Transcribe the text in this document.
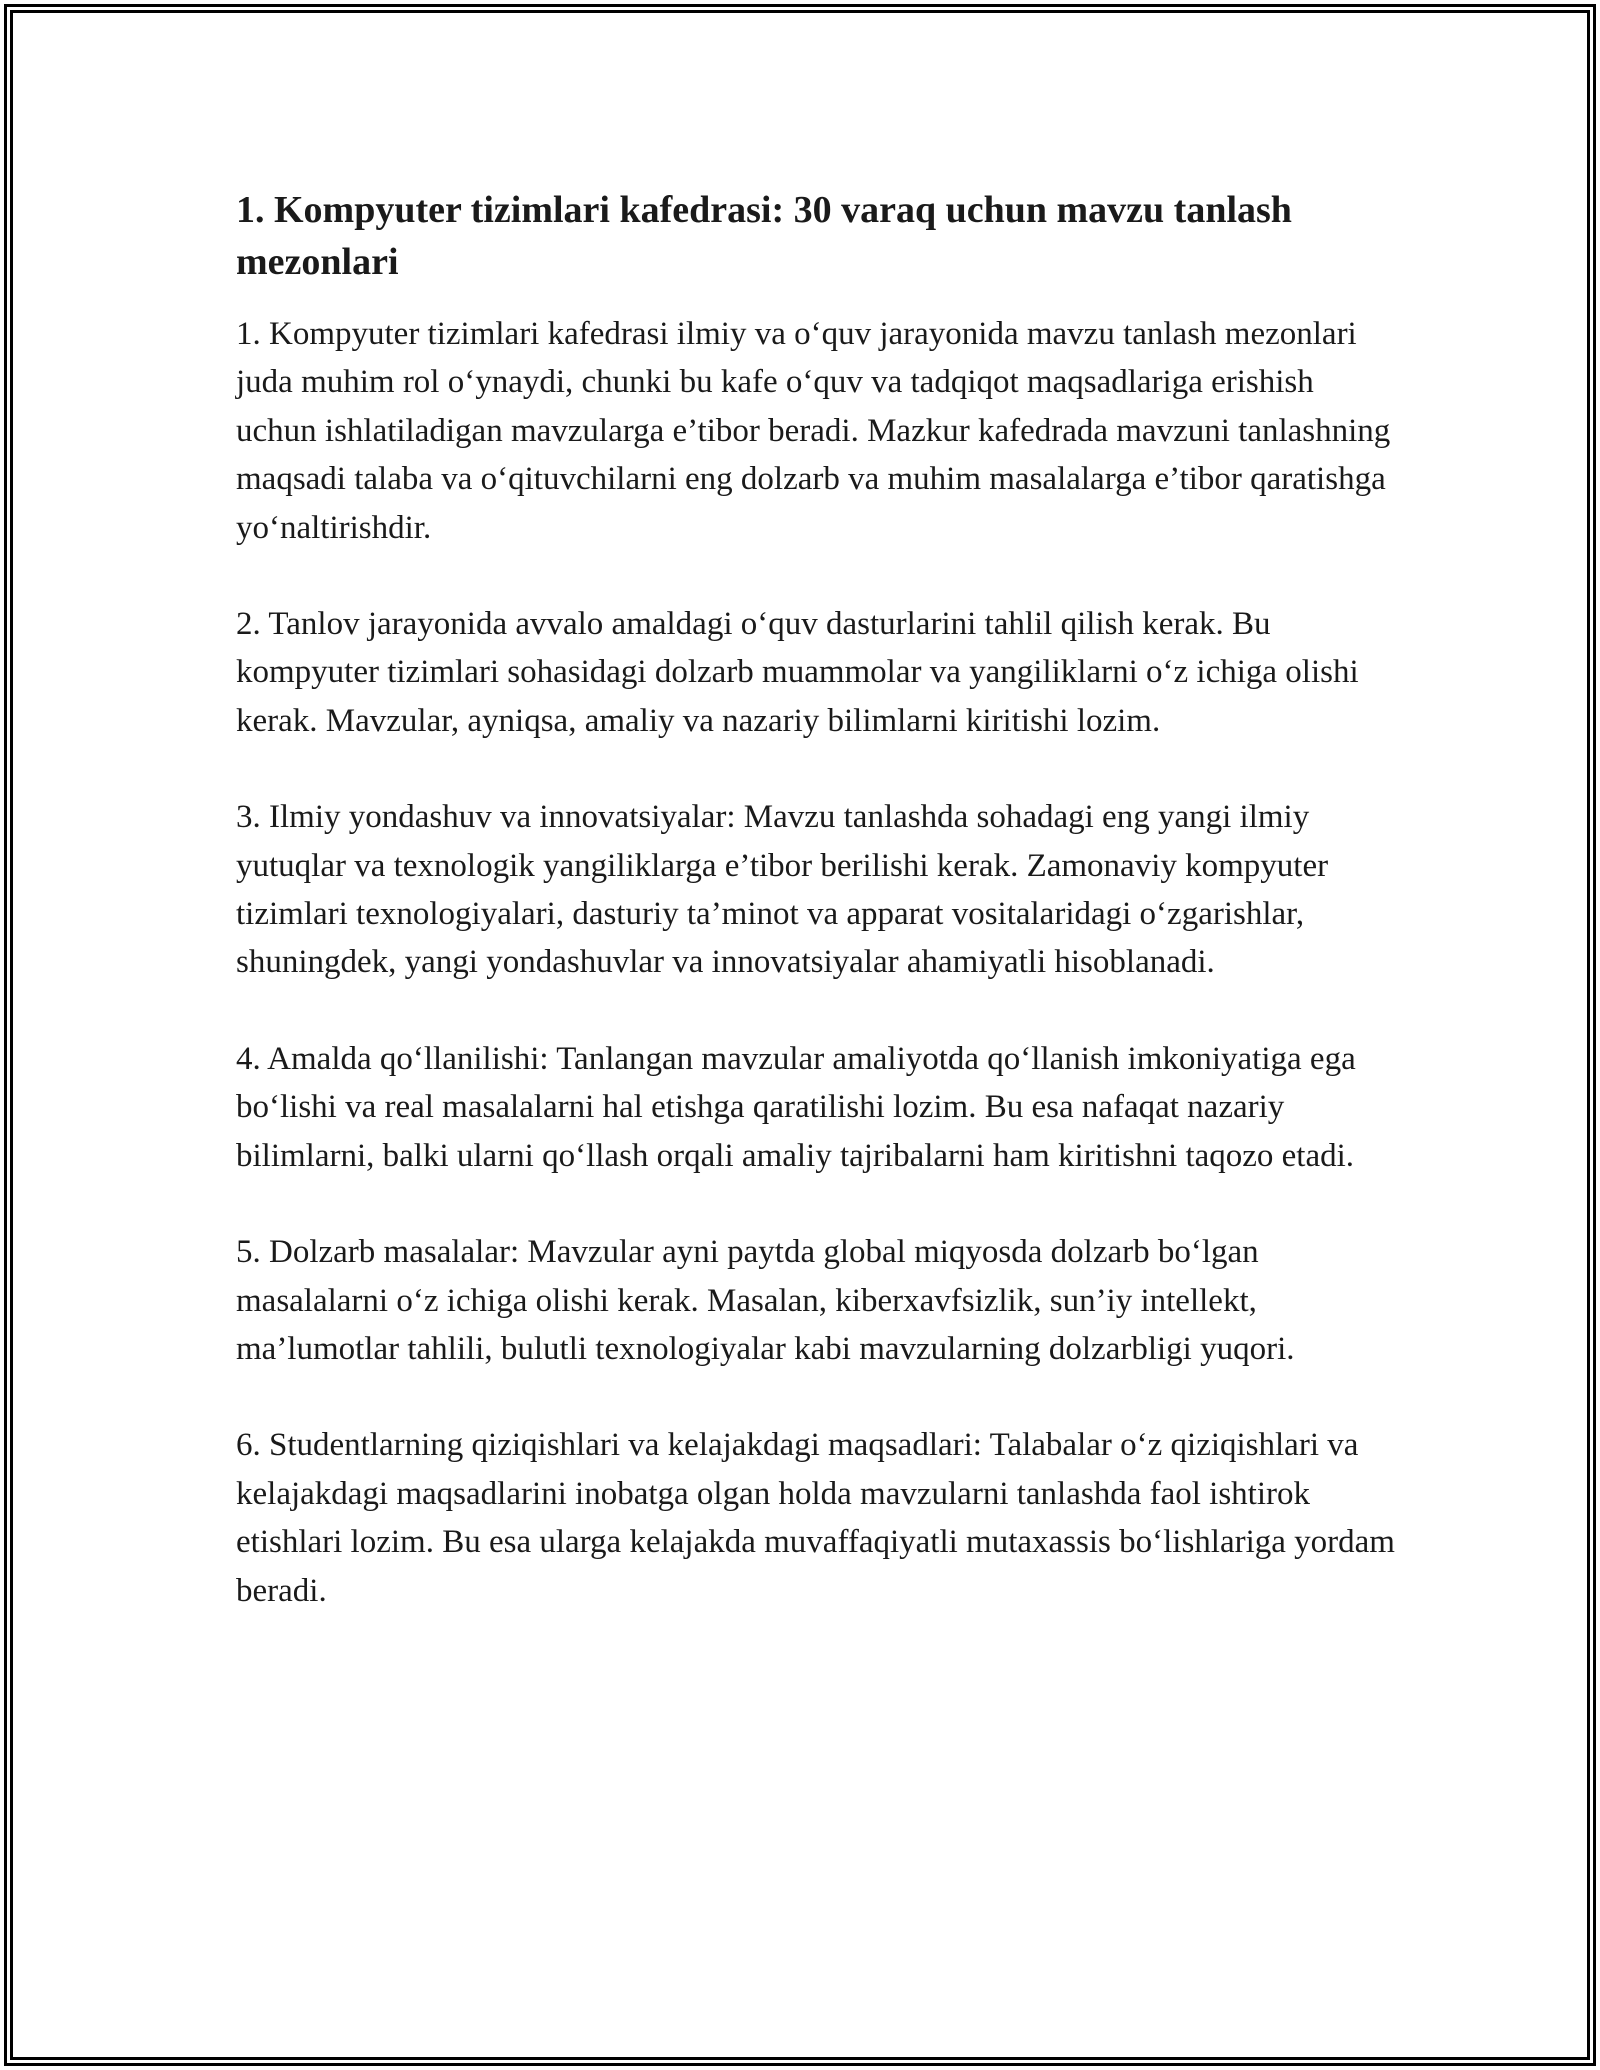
1. Kompyuter tizimlari kafedrasi: 30 varaq uchun mavzu tanlash mezonlari

1. Kompyuter tizimlari kafedrasi ilmiy va o‘quv jarayonida mavzu tanlash mezonlari juda muhim rol o‘ynaydi, chunki bu kafe o‘quv va tadqiqot maqsadlariga erishish uchun ishlatiladigan mavzularga e’tibor beradi. Mazkur kafedrada mavzuni tanlashning maqsadi talaba va o‘qituvchilarni eng dolzarb va muhim masalalarga e’tibor qaratishga yo‘naltirishdir.

2. Tanlov jarayonida avvalo amaldagi o‘quv dasturlarini tahlil qilish kerak. Bu kompyuter tizimlari sohasidagi dolzarb muammolar va yangiliklarni o‘z ichiga olishi kerak. Mavzular, ayniqsa, amaliy va nazariy bilimlarni kiritishi lozim.

3. Ilmiy yondashuv va innovatsiyalar: Mavzu tanlashda sohadagi eng yangi ilmiy yutuqlar va texnologik yangiliklarga e’tibor berilishi kerak. Zamonaviy kompyuter tizimlari texnologiyalari, dasturiy ta’minot va apparat vositalaridagi o‘zgarishlar, shuningdek, yangi yondashuvlar va innovatsiyalar ahamiyatli hisoblanadi.

4. Amalda qo‘llanilishi: Tanlangan mavzular amaliyotda qo‘llanish imkoniyatiga ega bo‘lishi va real masalalarni hal etishga qaratilishi lozim. Bu esa nafaqat nazariy bilimlarni, balki ularni qo‘llash orqali amaliy tajribalarni ham kiritishni taqozo etadi.

5. Dolzarb masalalar: Mavzular ayni paytda global miqyosda dolzarb bo‘lgan masalalarni o‘z ichiga olishi kerak. Masalan, kiberxavfsizlik, sun’iy intellekt, ma’lumotlar tahlili, bulutli texnologiyalar kabi mavzularning dolzarbligi yuqori.

6. Studentlarning qiziqishlari va kelajakdagi maqsadlari: Talabalar o‘z qiziqishlari va kelajakdagi maqsadlarini inobatga olgan holda mavzularni tanlashda faol ishtirok etishlari lozim. Bu esa ularga kelajakda muvaffaqiyatli mutaxassis bo‘lishlariga yordam beradi.
